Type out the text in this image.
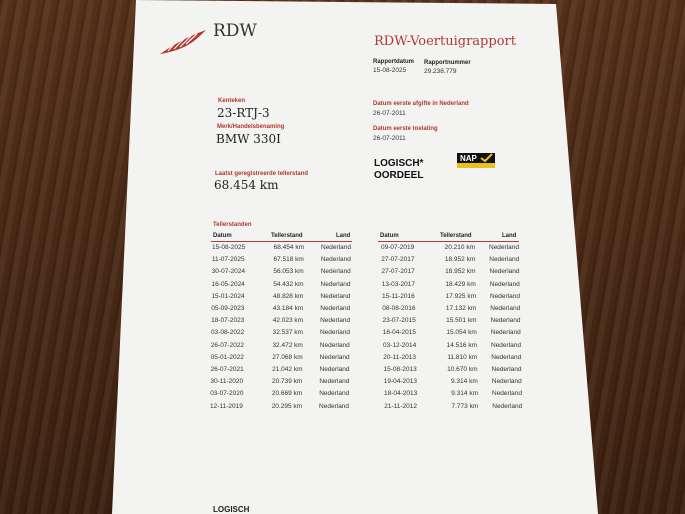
RDW
RDW-Voertuigrapport
Rapportdatum
15-08-2025
Rapportnummer
29.238.779
Kenteken
23-RTJ-3
Merk/Handelsbenaming
BMW 330I
Laatst geregistreerde tellerstand
68.454 km
Datum eerste afgifte in Nederland
26-07-2011
Datum eerste toelating
26-07-2011
LOGISCH*
OORDEEL
NAP
Tellerstanden
Datum	Tellerstand	Land	Datum	Tellerstand	Land
15-08-2025	68.454 km	Nederland
11-07-2025	67.518 km	Nederland
30-07-2024	56.053 km	Nederland
16-05-2024	54.432 km	Nederland
15-01-2024	48.828 km	Nederland
05-09-2023	43.184 km	Nederland
18-07-2023	42.023 km	Nederland
03-08-2022	32.537 km	Nederland
26-07-2022	32.472 km	Nederland
05-01-2022	27.068 km	Nederland
26-07-2021	21.042 km	Nederland
30-11-2020	20.739 km	Nederland
03-07-2020	20.669 km	Nederland
12-11-2019	20.295 km	Nederland
09-07-2019	20.210 km Nederland
27-07-2017	18.952 km Nederland
27-07-2017	18.952 km Nederland
13-03-2017	18.429 km Nederland
15-11-2016	17.925 km Nederland
08-08-2016	17.132 km Nederland
23-07-2015	15.501 km Nederland
16-04-2015	15.054 km Nederland
03-12-2014	14.516 km Nederland
20-11-2013	11.810 km Nederland
15-08-2013	10.670 km Nederland
19-04-2013	9.314 km Nederland
18-04-2013	9.314 km Nederland
21-11-2012	7.773 km Nederland
LOGISCH
